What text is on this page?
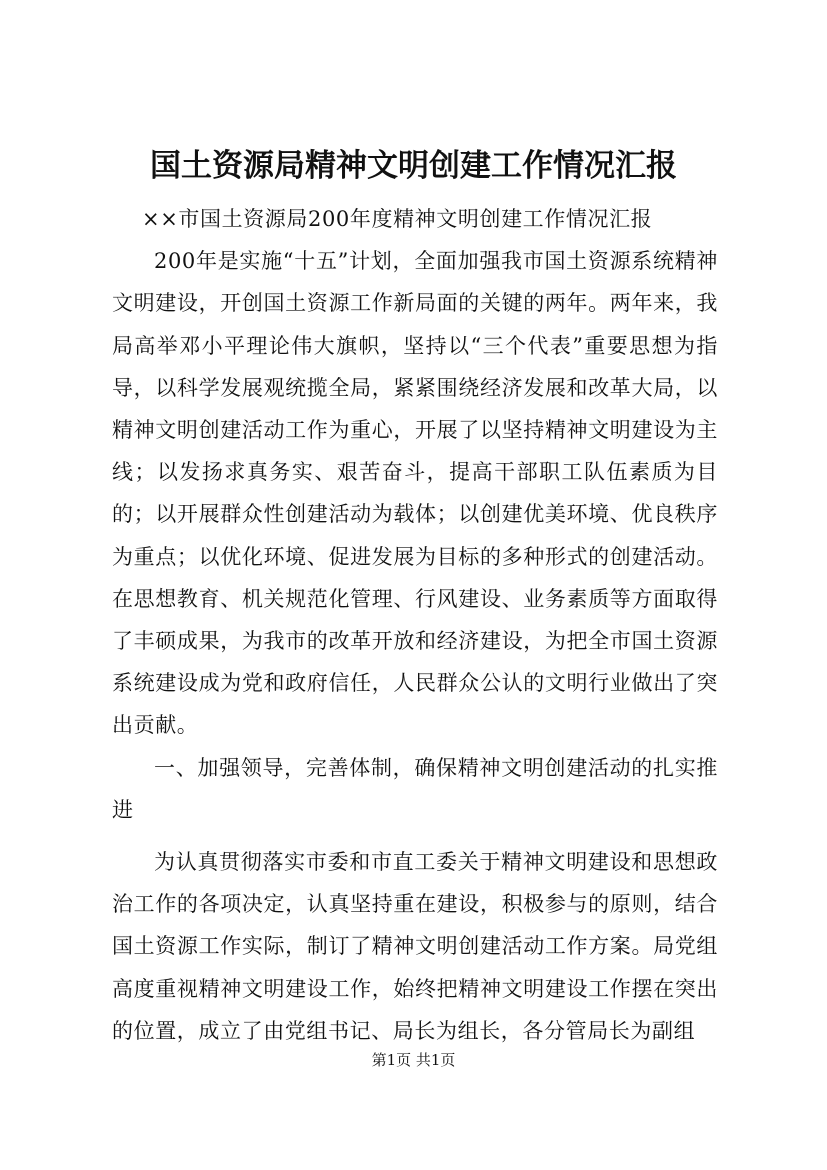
国土资源局精神文明创建工作情况汇报

××市国土资源局200年度精神文明创建工作情况汇报

200年是实施“十五”计划，全面加强我市国土资源系统精神文明建设，开创国土资源工作新局面的关键的两年。两年来，我局高举邓小平理论伟大旗帜，坚持以“三个代表”重要思想为指导，以科学发展观统揽全局，紧紧围绕经济发展和改革大局，以精神文明创建活动工作为重心，开展了以坚持精神文明建设为主线；以发扬求真务实、艰苦奋斗，提高干部职工队伍素质为目的；以开展群众性创建活动为载体；以创建优美环境、优良秩序为重点；以优化环境、促进发展为目标的多种形式的创建活动。在思想教育、机关规范化管理、行风建设、业务素质等方面取得了丰硕成果，为我市的改革开放和经济建设，为把全市国土资源系统建设成为党和政府信任，人民群众公认的文明行业做出了突出贡献。

一、加强领导，完善体制，确保精神文明创建活动的扎实推进

为认真贯彻落实市委和市直工委关于精神文明建设和思想政治工作的各项决定，认真坚持重在建设，积极参与的原则，结合国土资源工作实际，制订了精神文明创建活动工作方案。局党组高度重视精神文明建设工作，始终把精神文明建设工作摆在突出的位置，成立了由党组书记、局长为组长，各分管局长为副组

第1页 共1页
